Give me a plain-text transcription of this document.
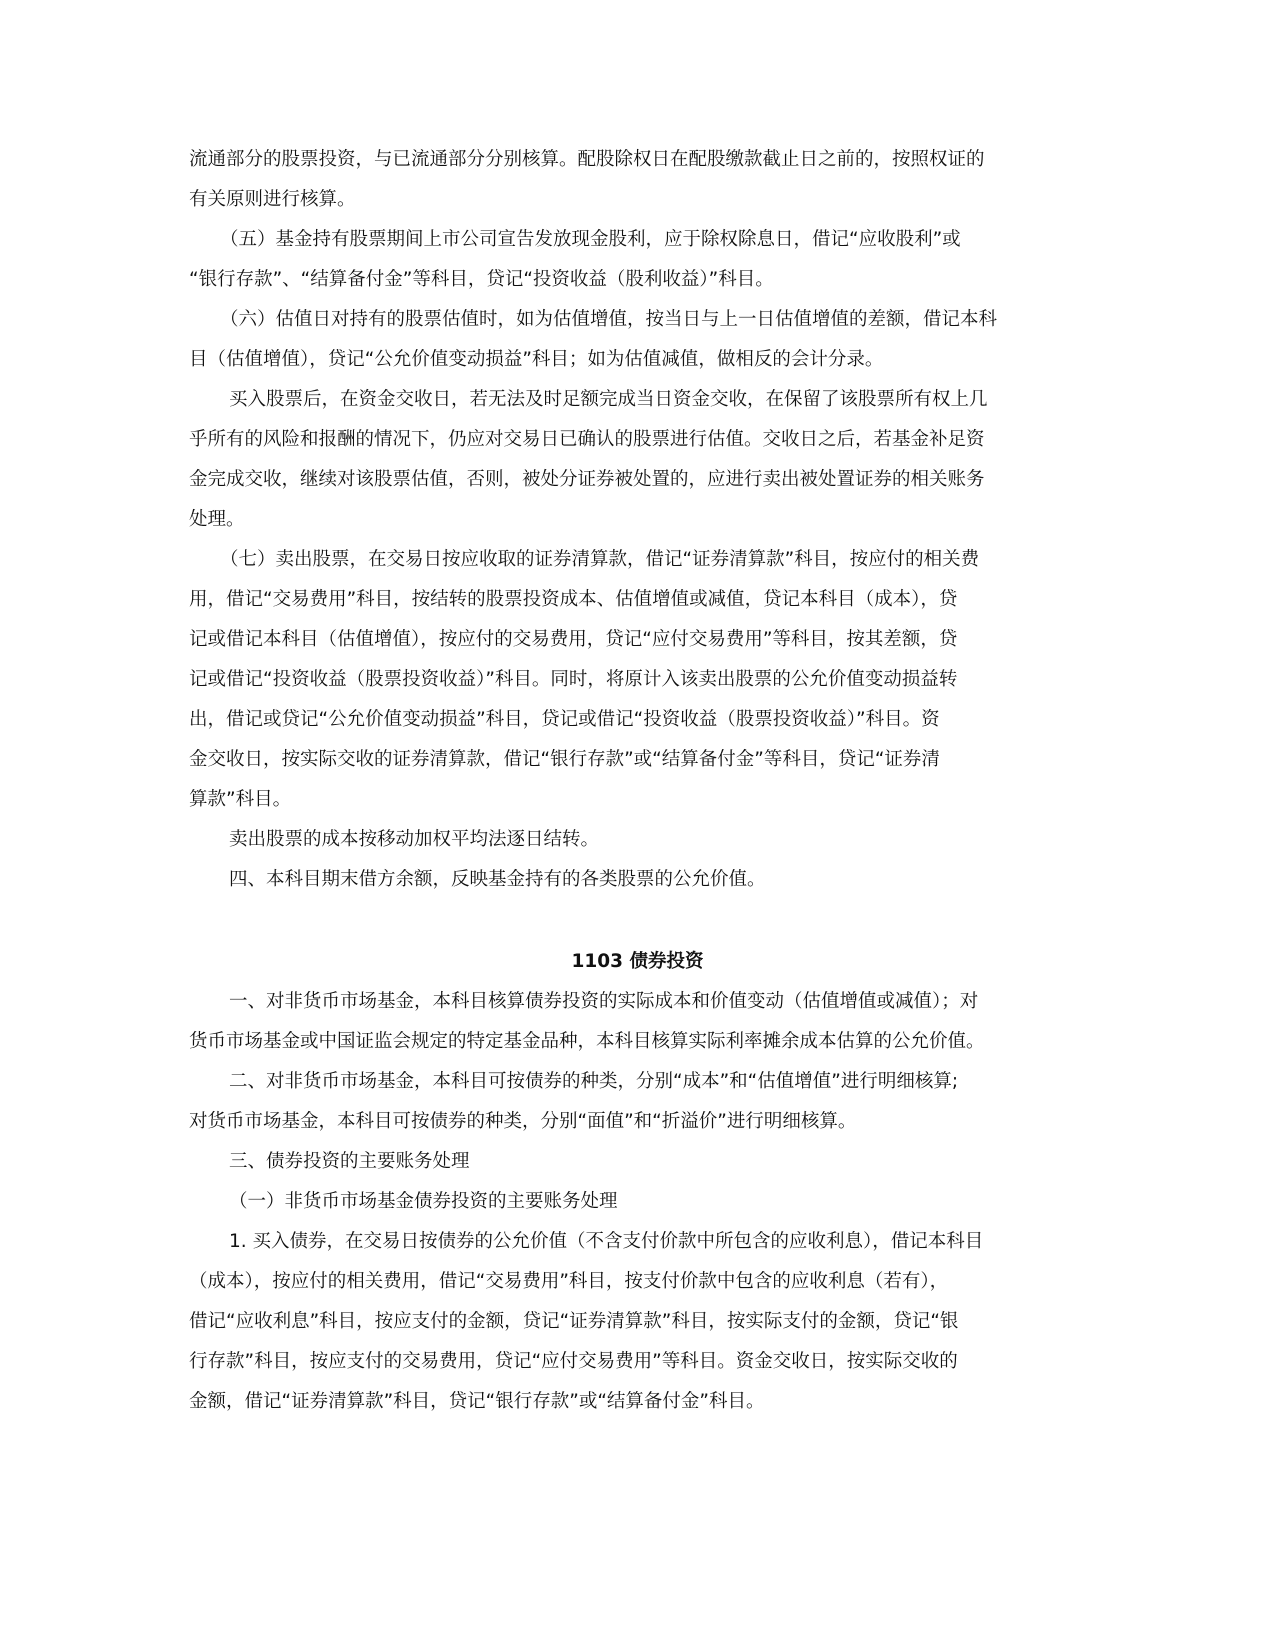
流通部分的股票投资，与已流通部分分别核算。配股除权日在配股缴款截止日之前的，按照权证的

有关原则进行核算。

（五）基金持有股票期间上市公司宣告发放现金股利，应于除权除息日，借记“应收股利”或

“银行存款”、“结算备付金”等科目，贷记“投资收益（股利收益）”科目。

（六）估值日对持有的股票估值时，如为估值增值，按当日与上一日估值增值的差额，借记本科

目（估值增值），贷记“公允价值变动损益”科目；如为估值减值，做相反的会计分录。

买入股票后，在资金交收日，若无法及时足额完成当日资金交收，在保留了该股票所有权上几

乎所有的风险和报酬的情况下，仍应对交易日已确认的股票进行估值。交收日之后，若基金补足资

金完成交收，继续对该股票估值，否则，被处分证券被处置的，应进行卖出被处置证券的相关账务

处理。

（七）卖出股票，在交易日按应收取的证券清算款，借记“证券清算款”科目，按应付的相关费

用，借记“交易费用”科目，按结转的股票投资成本、估值增值或减值，贷记本科目（成本），贷

记或借记本科目（估值增值），按应付的交易费用，贷记“应付交易费用”等科目，按其差额，贷

记或借记“投资收益（股票投资收益）”科目。同时，将原计入该卖出股票的公允价值变动损益转

出，借记或贷记“公允价值变动损益”科目，贷记或借记“投资收益（股票投资收益）”科目。资

金交收日，按实际交收的证券清算款，借记“银行存款”或“结算备付金”等科目，贷记“证券清

算款”科目。

卖出股票的成本按移动加权平均法逐日结转。

四、本科目期末借方余额，反映基金持有的各类股票的公允价值。

1103 债券投资

一、对非货币市场基金，本科目核算债券投资的实际成本和价值变动（估值增值或减值）；对

货币市场基金或中国证监会规定的特定基金品种，本科目核算实际利率摊余成本估算的公允价值。

二、对非货币市场基金，本科目可按债券的种类，分别“成本”和“估值增值”进行明细核算;

对货币市场基金，本科目可按债券的种类，分别“面值”和“折溢价”进行明细核算。

三、债券投资的主要账务处理

（一）非货币市场基金债券投资的主要账务处理

1. 买入债券，在交易日按债券的公允价值（不含支付价款中所包含的应收利息），借记本科目

（成本），按应付的相关费用，借记“交易费用”科目，按支付价款中包含的应收利息（若有），

借记“应收利息”科目，按应支付的金额，贷记“证券清算款”科目，按实际支付的金额，贷记“银

行存款”科目，按应支付的交易费用，贷记“应付交易费用”等科目。资金交收日，按实际交收的

金额，借记“证券清算款”科目，贷记“银行存款”或“结算备付金”科目。
